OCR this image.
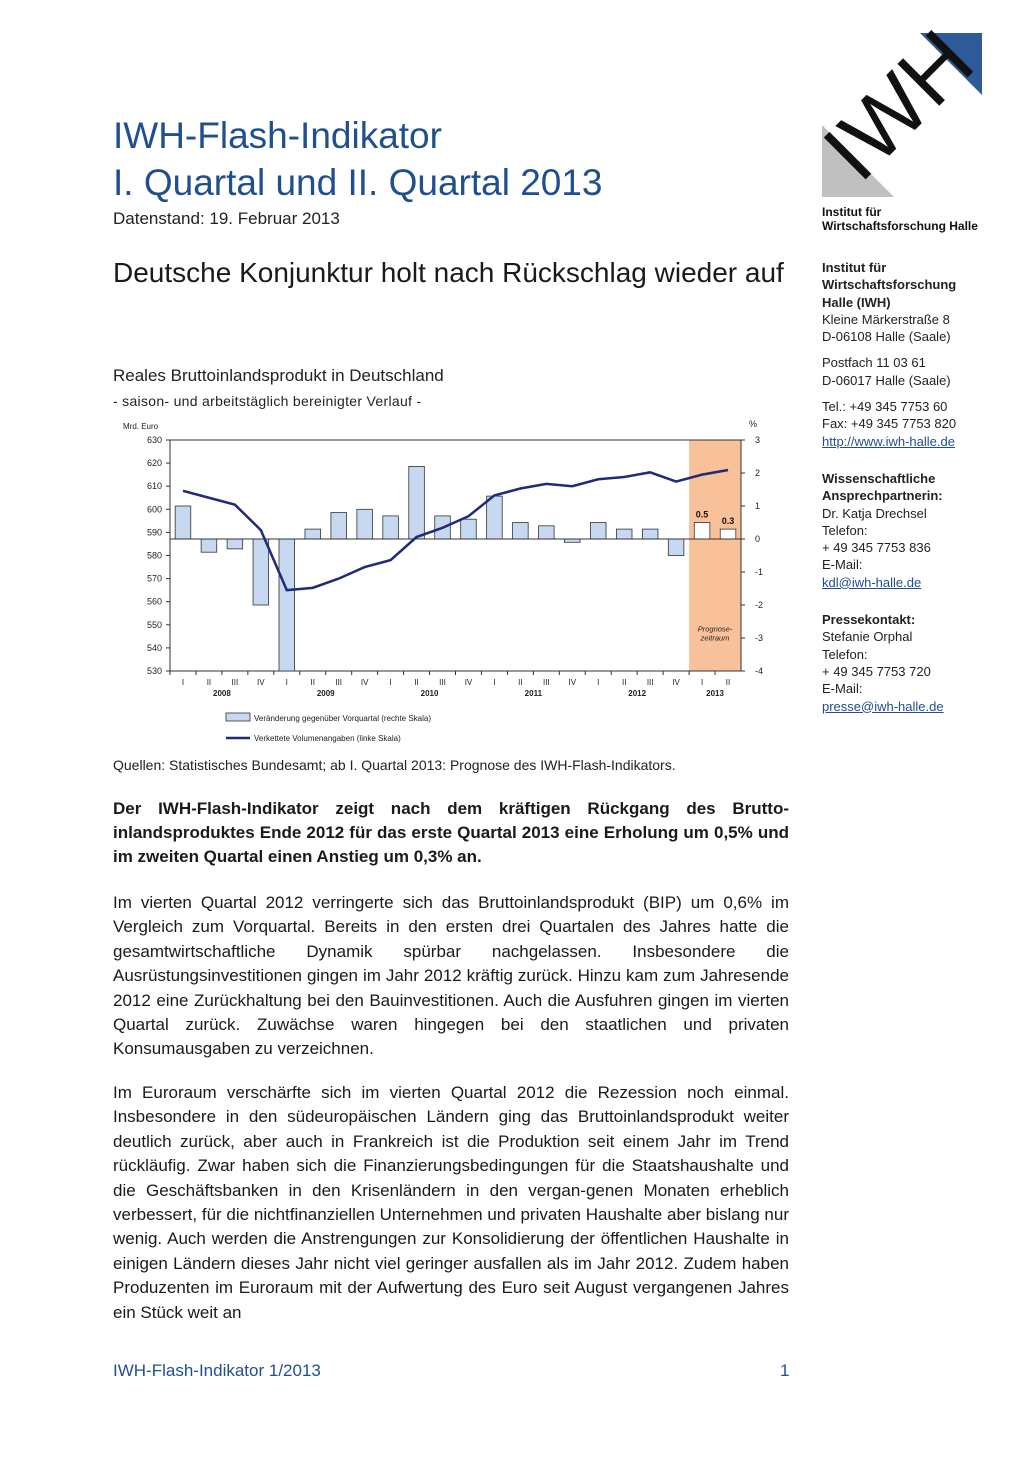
IWH-Flash-Indikator
I. Quartal und II. Quartal 2013
Datenstand: 19. Februar 2013
Deutsche Konjunktur holt nach Rückschlag wieder auf
IWH
Institut für
Wirtschaftsforschung Halle
Institut für
Wirtschaftsforschung
Halle (IWH)
Kleine Märkerstraße 8
D-06108 Halle (Saale)
Postfach 11 03 61
D-06017 Halle (Saale)
Tel.: +49 345 7753 60
Fax: +49 345 7753 820
http://www.iwh-halle.de
Wissenschaftliche
Ansprechpartnerin:
Dr. Katja Drechsel
Telefon:
+ 49 345 7753 836
E-Mail:
kdl@iwh-halle.de
Pressekontakt:
Stefanie Orphal
Telefon:
+ 49 345 7753 720
E-Mail:
presse@iwh-halle.de
Reales Bruttoinlandsprodukt in Deutschland
- saison- und arbeitstäglich bereinigter Verlauf -
Mrd. Euro	%
630
620
610
600
590
580
570
560
550
540
530
3
2
1
0
-1
-2
-3
-4
0.5
0.3
Prognose-
zeitraum
I	II	III IV	I	II	III IV	I	II	III IV	I	II	III IV	I	II	III IV	I	II
2008	2009	2010	2011	2012	2013
Veränderung gegenüber Vorquartal (rechte Skala)
Verkettete Volumenangaben (linke Skala)
Quellen: Statistisches Bundesamt; ab I. Quartal 2013: Prognose des IWH-Flash-Indikators.
Der IWH-Flash-Indikator zeigt nach dem kräftigen Rückgang des Brutto-inlandsproduktes Ende 2012 für das erste Quartal 2013 eine Erholung um 0,5% und im zweiten Quartal einen Anstieg um 0,3% an.
Im vierten Quartal 2012 verringerte sich das Bruttoinlandsprodukt (BIP) um 0,6% im Vergleich zum Vorquartal. Bereits in den ersten drei Quartalen des Jahres hatte die gesamtwirtschaftliche Dynamik spürbar nachgelassen. Insbesondere die Ausrüstungsinvestitionen gingen im Jahr 2012 kräftig zurück. Hinzu kam zum Jahresende 2012 eine Zurückhaltung bei den Bauinvestitionen. Auch die Ausfuhren gingen im vierten Quartal zurück. Zuwächse waren hingegen bei den staatlichen und privaten Konsumausgaben zu verzeichnen.
Im Euroraum verschärfte sich im vierten Quartal 2012 die Rezession noch einmal. Insbesondere in den südeuropäischen Ländern ging das Bruttoinlandsprodukt weiter deutlich zurück, aber auch in Frankreich ist die Produktion seit einem Jahr im Trend rückläufig. Zwar haben sich die Finanzierungsbedingungen für die Staatshaushalte und die Geschäftsbanken in den Krisenländern in den vergan-genen Monaten erheblich verbessert, für die nichtfinanziellen Unternehmen und privaten Haushalte aber bislang nur wenig. Auch werden die Anstrengungen zur Konsolidierung der öffentlichen Haushalte in einigen Ländern dieses Jahr nicht viel geringer ausfallen als im Jahr 2012. Zudem haben Produzenten im Euroraum mit der Aufwertung des Euro seit August vergangenen Jahres ein Stück weit an
IWH-Flash-Indikator 1/2013	1
